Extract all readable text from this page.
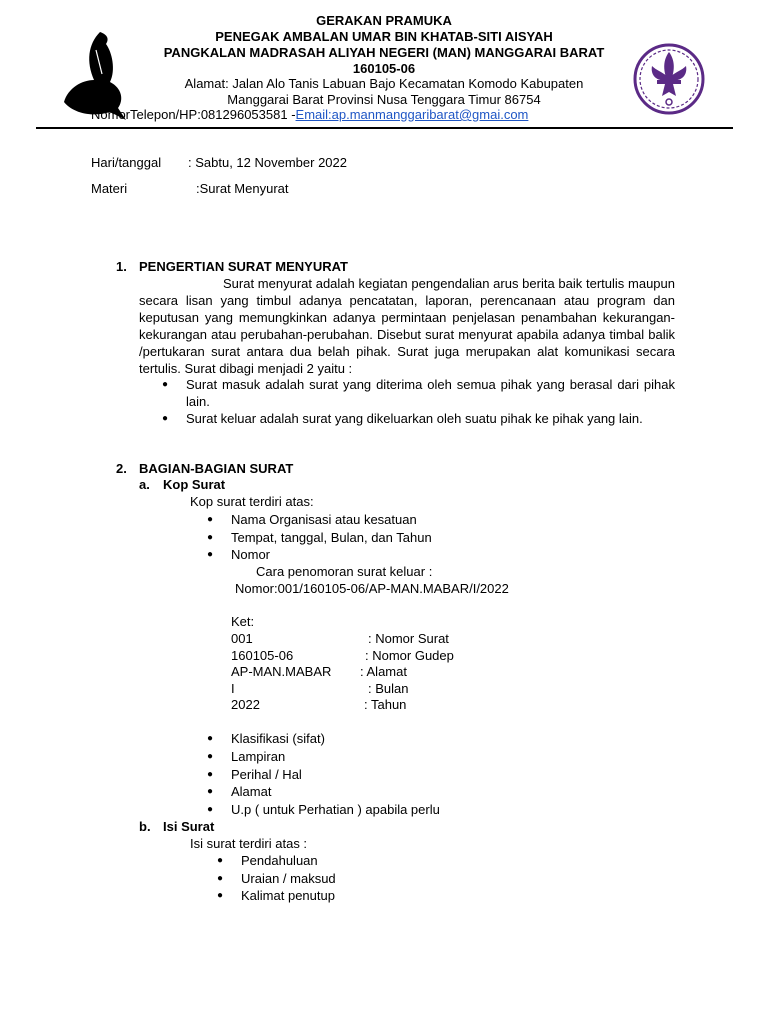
GERAKAN PRAMUKA
PENEGAK AMBALAN UMAR BIN KHATAB-SITI AISYAH
PANGKALAN MADRASAH ALIYAH NEGERI (MAN) MANGGARAI BARAT
160105-06
Alamat: Jalan Alo Tanis Labuan Bajo Kecamatan Komodo Kabupaten
Manggarai Barat Provinsi Nusa Tenggara Timur 86754
NomorTelepon/HP:081296053581 -Email:ap.manmanggaribarat@gmai.com
Hari/tanggal : Sabtu, 12 November 2022
Materi	:Surat Menyurat
1. PENGERTIAN SURAT MENYURAT
Surat menyurat adalah kegiatan pengendalian arus berita baik tertulis maupun secara lisan yang timbul adanya pencatatan, laporan, perencanaan atau program dan keputusan yang memungkinkan adanya permintaan penjelasan penambahan kekurangan-kekurangan atau perubahan-perubahan. Disebut surat menyurat apabila adanya timbal balik /pertukaran surat antara dua belah pihak. Surat juga merupakan alat komunikasi secara tertulis. Surat dibagi menjadi 2 yaitu :
● Surat masuk adalah surat yang diterima oleh semua pihak yang berasal dari pihak lain.
● Surat keluar adalah surat yang dikeluarkan oleh suatu pihak ke pihak yang lain.
2. BAGIAN-BAGIAN SURAT
a. Kop Surat
Kop surat terdiri atas:
● Nama Organisasi atau kesatuan
● Tempat, tanggal, Bulan, dan Tahun
● Nomor
Cara penomoran surat keluar :
Nomor:001/160105-06/AP-MAN.MABAR/I/2022
Ket:
001	: Nomor Surat
160105-06	: Nomor Gudep
AP-MAN.MABAR : Alamat
I	: Bulan
2022	: Tahun
● Klasifikasi (sifat)
● Lampiran
● Perihal / Hal
● Alamat
● U.p ( untuk Perhatian ) apabila perlu
b. Isi Surat
Isi surat terdiri atas :
● Pendahuluan
● Uraian / maksud
● Kalimat penutup
